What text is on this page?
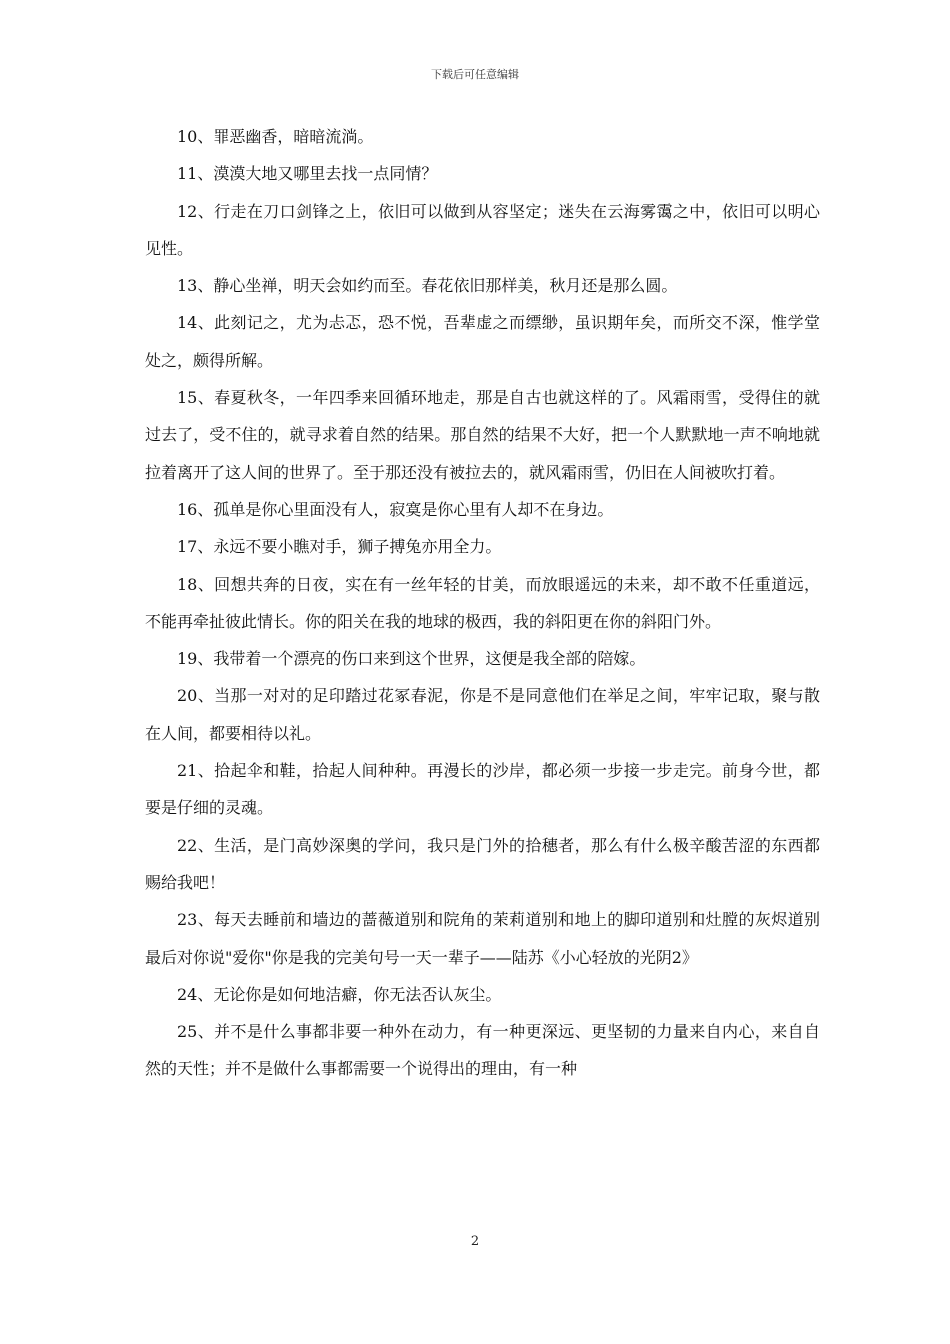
下载后可任意编辑

10、罪恶幽香，暗暗流淌。

11、漠漠大地又哪里去找一点同情？

12、行走在刀口剑锋之上，依旧可以做到从容坚定；迷失在云海雾霭之中，依旧可以明心见性。

13、静心坐禅，明天会如约而至。春花依旧那样美，秋月还是那么圆。

14、此刻记之，尤为忐忑，恐不悦，吾辈虚之而缥缈，虽识期年矣，而所交不深，惟学堂处之，颇得所解。

15、春夏秋冬，一年四季来回循环地走，那是自古也就这样的了。风霜雨雪，受得住的就过去了，受不住的，就寻求着自然的结果。那自然的结果不大好，把一个人默默地一声不响地就拉着离开了这人间的世界了。至于那还没有被拉去的，就风霜雨雪，仍旧在人间被吹打着。

16、孤单是你心里面没有人，寂寞是你心里有人却不在身边。

17、永远不要小瞧对手，狮子搏兔亦用全力。

18、回想共奔的日夜，实在有一丝年轻的甘美，而放眼遥远的未来，却不敢不任重道远，不能再牵扯彼此情长。你的阳关在我的地球的极西，我的斜阳更在你的斜阳门外。

19、我带着一个漂亮的伤口来到这个世界，这便是我全部的陪嫁。

20、当那一对对的足印踏过花冢春泥，你是不是同意他们在举足之间，牢牢记取，聚与散在人间，都要相待以礼。

21、拾起伞和鞋，拾起人间种种。再漫长的沙岸，都必须一步接一步走完。前身今世，都要是仔细的灵魂。

22、生活，是门高妙深奥的学问，我只是门外的拾穗者，那么有什么极辛酸苦涩的东西都赐给我吧！

23、每天去睡前和墙边的蔷薇道别和院角的茉莉道别和地上的脚印道别和灶膛的灰烬道别最后对你说"爱你"你是我的完美句号一天一辈子——陆苏《小心轻放的光阴2》

24、无论你是如何地洁癖，你无法否认灰尘。

25、并不是什么事都非要一种外在动力，有一种更深远、更坚韧的力量来自内心，来自自然的天性；并不是做什么事都需要一个说得出的理由，有一种

2
